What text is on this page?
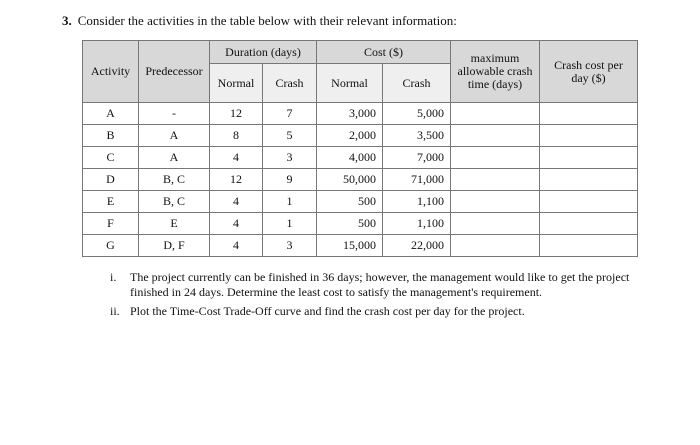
3. Consider the activities in the table below with their relevant information:
Activity	Predecessor	Duration (days)		Cost ($)		maximum allowable crash time (days)	Crash cost per day ($)
		Normal	Crash	Normal	Crash		
A	-	12	7	3,000	5,000		
B	A	8	5	2,000	3,500		
C	A	4	3	4,000	7,000		
D	B, C	12	9	50,000	71,000		
E	B, C	4	1	500	1,100		
F	E	4	1	500	1,100		
G	D, F	4	3	15,000	22,000		
i.	The project currently can be finished in 36 days; however, the management would like to get the project finished in 24 days. Determine the least cost to satisfy the management's requirement.
ii. Plot the Time-Cost Trade-Off curve and find the crash cost per day for the project.
